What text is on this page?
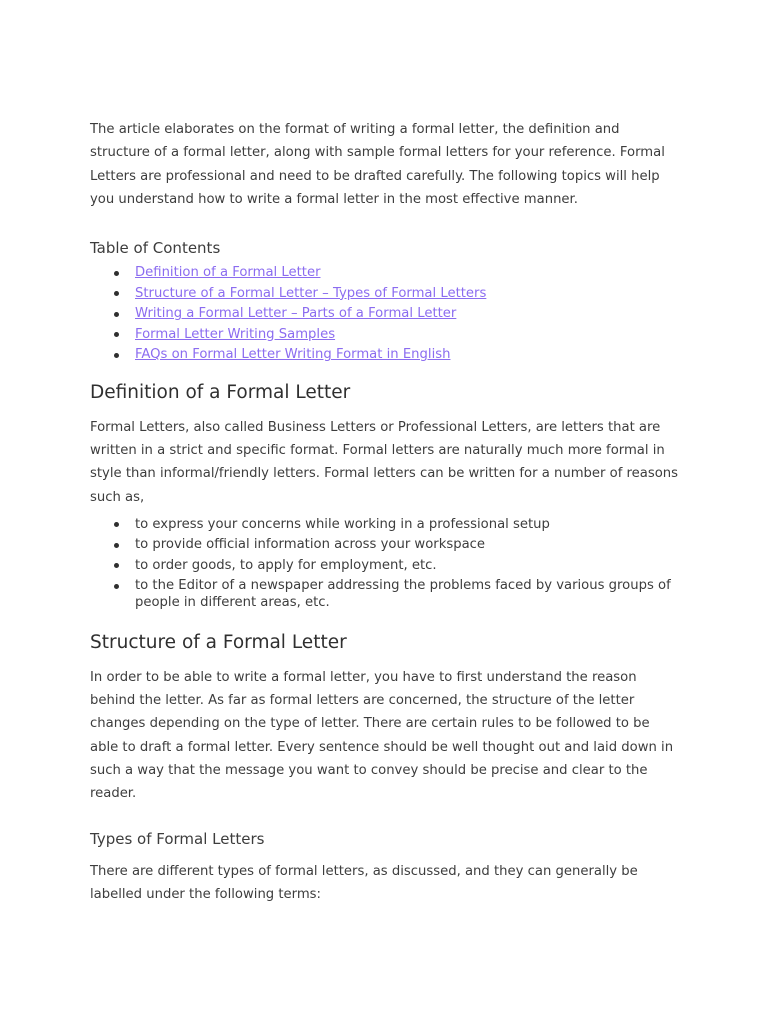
The article elaborates on the format of writing a formal letter, the definition and structure of a formal letter, along with sample formal letters for your reference. Formal Letters are professional and need to be drafted carefully. The following topics will help you understand how to write a formal letter in the most effective manner.

Table of Contents
Definition of a Formal Letter
Structure of a Formal Letter – Types of Formal Letters
Writing a Formal Letter – Parts of a Formal Letter
Formal Letter Writing Samples
FAQs on Formal Letter Writing Format in English
Definition of a Formal Letter

Formal Letters, also called Business Letters or Professional Letters, are letters that are written in a strict and specific format. Formal letters are naturally much more formal in style than informal/friendly letters. Formal letters can be written for a number of reasons such as,

to express your concerns while working in a professional setup
to provide official information across your workspace
to order goods, to apply for employment, etc.
to the Editor of a newspaper addressing the problems faced by various groups of people in different areas, etc.
Structure of a Formal Letter

In order to be able to write a formal letter, you have to first understand the reason behind the letter. As far as formal letters are concerned, the structure of the letter changes depending on the type of letter. There are certain rules to be followed to be able to draft a formal letter. Every sentence should be well thought out and laid down in such a way that the message you want to convey should be precise and clear to the reader.

Types of Formal Letters

There are different types of formal letters, as discussed, and they can generally be labelled under the following terms:
